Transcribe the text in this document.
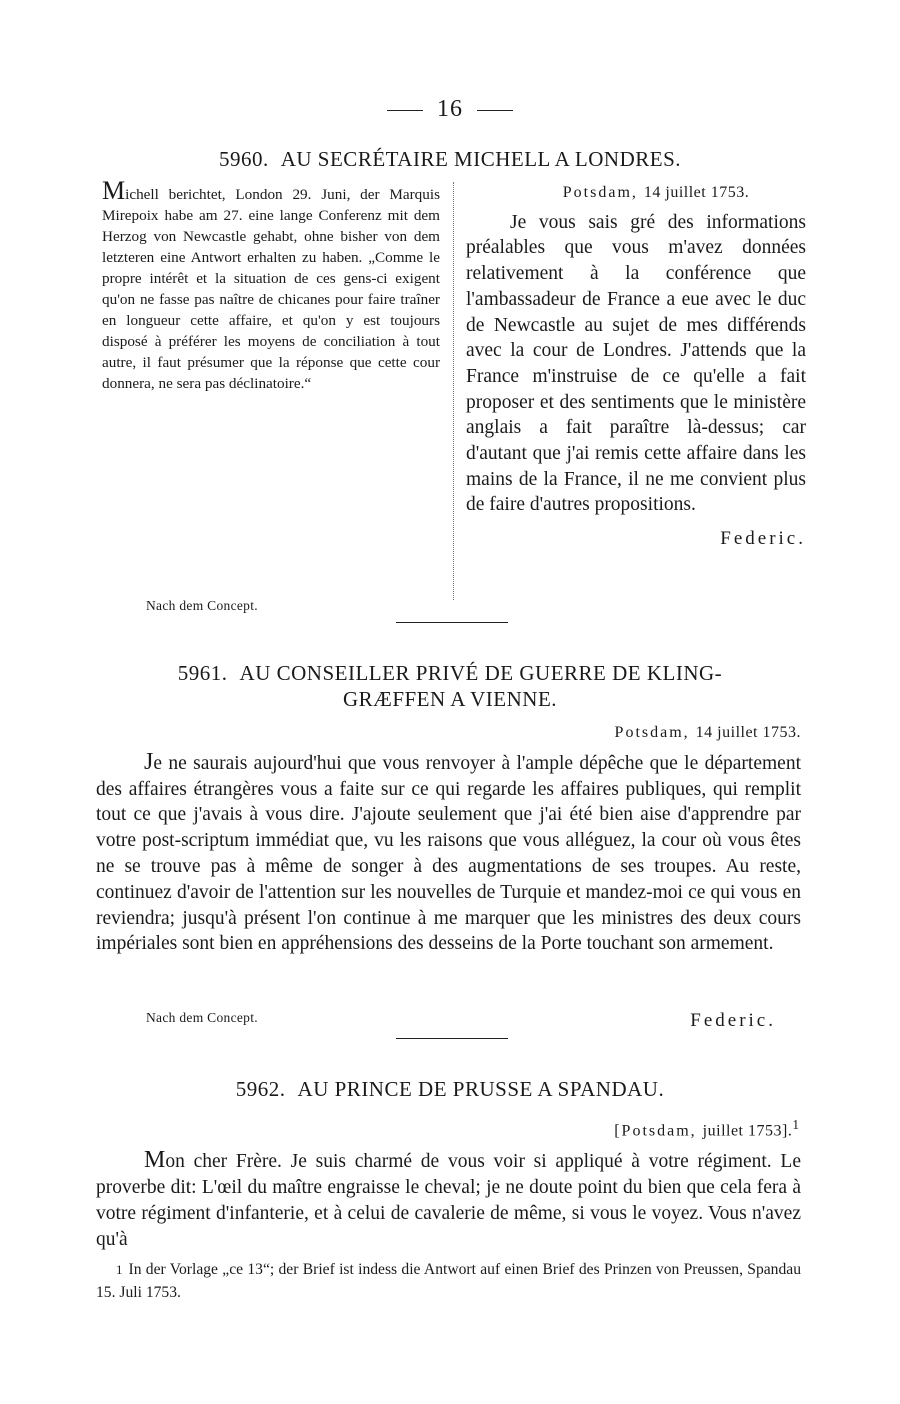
16
5960. AU SECRÉTAIRE MICHELL A LONDRES.
Michell berichtet, London 29. Juni, der Marquis Mirepoix habe am 27. eine lange Conferenz mit dem Herzog von Newcastle gehabt, ohne bisher von dem letzteren eine Antwort erhalten zu haben. „Comme le propre intérêt et la situation de ces gens-ci exigent qu'on ne fasse pas naître de chicanes pour faire traîner en longueur cette affaire, et qu'on y est toujours disposé à préférer les moyens de conciliation à tout autre, il faut présumer que la réponse que cette cour donnera, ne sera pas déclinatoire.“
Potsdam, 14 juillet 1753.
Je vous sais gré des informations préalables que vous m'avez données relativement à la conférence que l'ambassadeur de France a eue avec le duc de Newcastle au sujet de mes différends avec la cour de Londres. J'attends que la France m'instruise de ce qu'elle a fait proposer et des sentiments que le ministère anglais a fait paraître là-dessus; car d'autant que j'ai remis cette affaire dans les mains de la France, il ne me convient plus de faire d'autres propositions.
Federic.
Nach dem Concept.
5961. AU CONSEILLER PRIVÉ DE GUERRE DE KLING-
GRÆFFEN A VIENNE.
Potsdam, 14 juillet 1753.
Je ne saurais aujourd'hui que vous renvoyer à l'ample dépêche que le département des affaires étrangères vous a faite sur ce qui regarde les affaires publiques, qui remplit tout ce que j'avais à vous dire. J'ajoute seulement que j'ai été bien aise d'apprendre par votre post-scriptum immédiat que, vu les raisons que vous alléguez, la cour où vous êtes ne se trouve pas à même de songer à des augmentations de ses troupes. Au reste, continuez d'avoir de l'attention sur les nouvelles de Turquie et mandez-moi ce qui vous en reviendra; jusqu'à présent l'on continue à me marquer que les ministres des deux cours impériales sont bien en appréhensions des desseins de la Porte touchant son armement.
Nach dem Concept.	Federic.
5962. AU PRINCE DE PRUSSE A SPANDAU.
[Potsdam, juillet 1753].$^1$
Mon cher Frère. Je suis charmé de vous voir si appliqué à votre régiment. Le proverbe dit: L'œil du maître engraisse le cheval; je ne doute point du bien que cela fera à votre régiment d'infanterie, et à celui de cavalerie de même, si vous le voyez. Vous n'avez qu'à
1 In der Vorlage „ce 13“; der Brief ist indess die Antwort auf einen Brief des Prinzen von Preussen, Spandau 15. Juli 1753.
